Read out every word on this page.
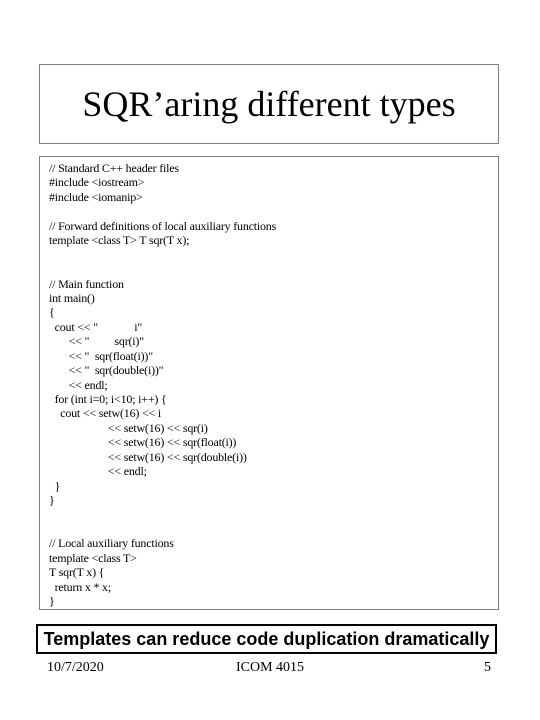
SQR’aring different types
// Standard C++ header files
#include <iostream>
#include <iomanip>
// Forward definitions of local auxiliary functions
template <class T> T sqr(T x);
// Main function
int main()
{
cout << "             i"
<< "         sqr(i)"
<< "  sqr(float(i))"
<< "  sqr(double(i))"
<< endl;
for (int i=0; i<10; i++) {
cout << setw(16) << i
<< setw(16) << sqr(i)
<< setw(16) << sqr(float(i))
<< setw(16) << sqr(double(i))
<< endl;
}
}
// Local auxiliary functions
template <class T>
T sqr(T x) {
return x * x;
}
Templates can reduce code duplication dramatically
10/7/2020	ICOM 4015	5
